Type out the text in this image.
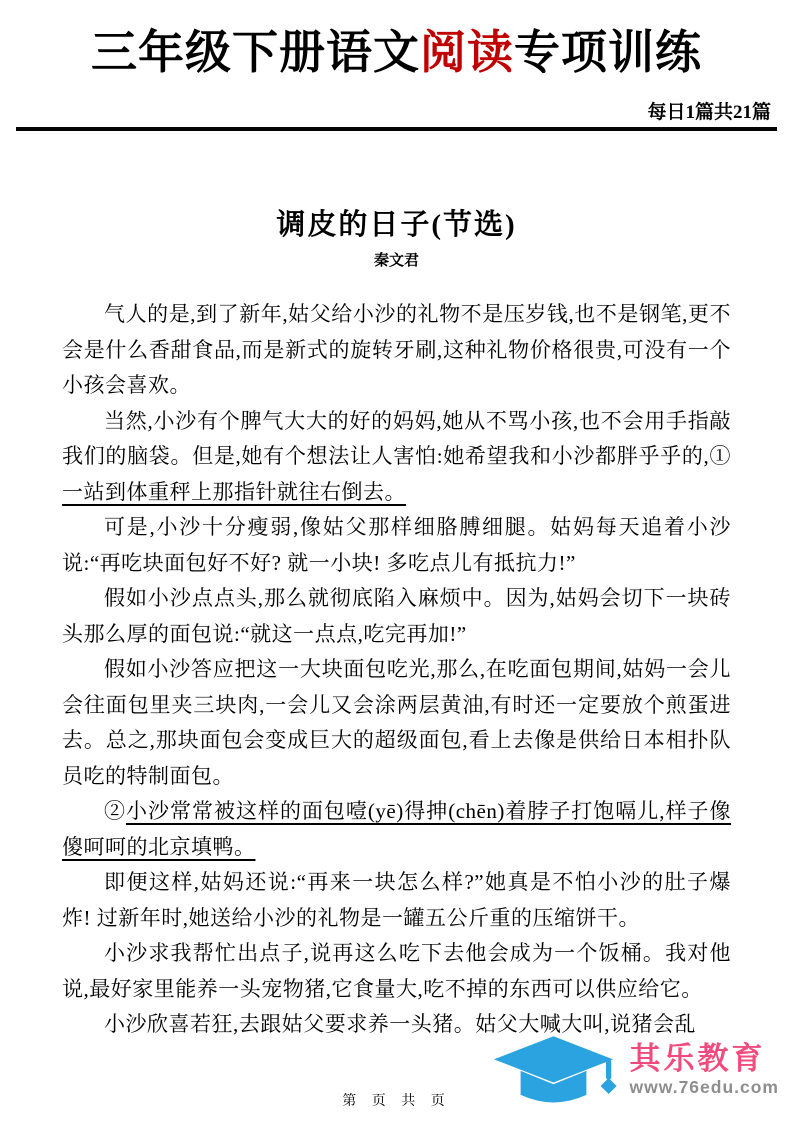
三年级下册语文阅读专项训练
每日1篇共21篇
调皮的日子(节选)
秦文君

气人的是,到了新年,姑父给小沙的礼物不是压岁钱,也不是钢笔,更不会是什么香甜食品,而是新式的旋转牙刷,这种礼物价格很贵,可没有一个小孩会喜欢。

当然,小沙有个脾气大大的好的妈妈,她从不骂小孩,也不会用手指敲我们的脑袋。但是,她有个想法让人害怕:她希望我和小沙都胖乎乎的,①一站到体重秤上那指针就往右倒去。

可是,小沙十分瘦弱,像姑父那样细胳膊细腿。姑妈每天追着小沙说:“再吃块面包好不好? 就一小块! 多吃点儿有抵抗力!”

假如小沙点点头,那么就彻底陷入麻烦中。因为,姑妈会切下一块砖头那么厚的面包说:“就这一点点,吃完再加!”

假如小沙答应把这一大块面包吃光,那么,在吃面包期间,姑妈一会儿会往面包里夹三块肉,一会儿又会涂两层黄油,有时还一定要放个煎蛋进去。总之,那块面包会变成巨大的超级面包,看上去像是供给日本相扑队员吃的特制面包。

②小沙常常被这样的面包噎(yē)得抻(chēn)着脖子打饱嗝儿,样子像傻呵呵的北京填鸭。

即便这样,姑妈还说:“再来一块怎么样?”她真是不怕小沙的肚子爆炸! 过新年时,她送给小沙的礼物是一罐五公斤重的压缩饼干。

小沙求我帮忙出点子,说再这么吃下去他会成为一个饭桶。我对他说,最好家里能养一头宠物猪,它食量大,吃不掉的东西可以供应给它。

小沙欣喜若狂,去跟姑父要求养一头猪。姑父大喊大叫,说猪会乱

第 页 共 页
其乐教育
www.76edu.com
